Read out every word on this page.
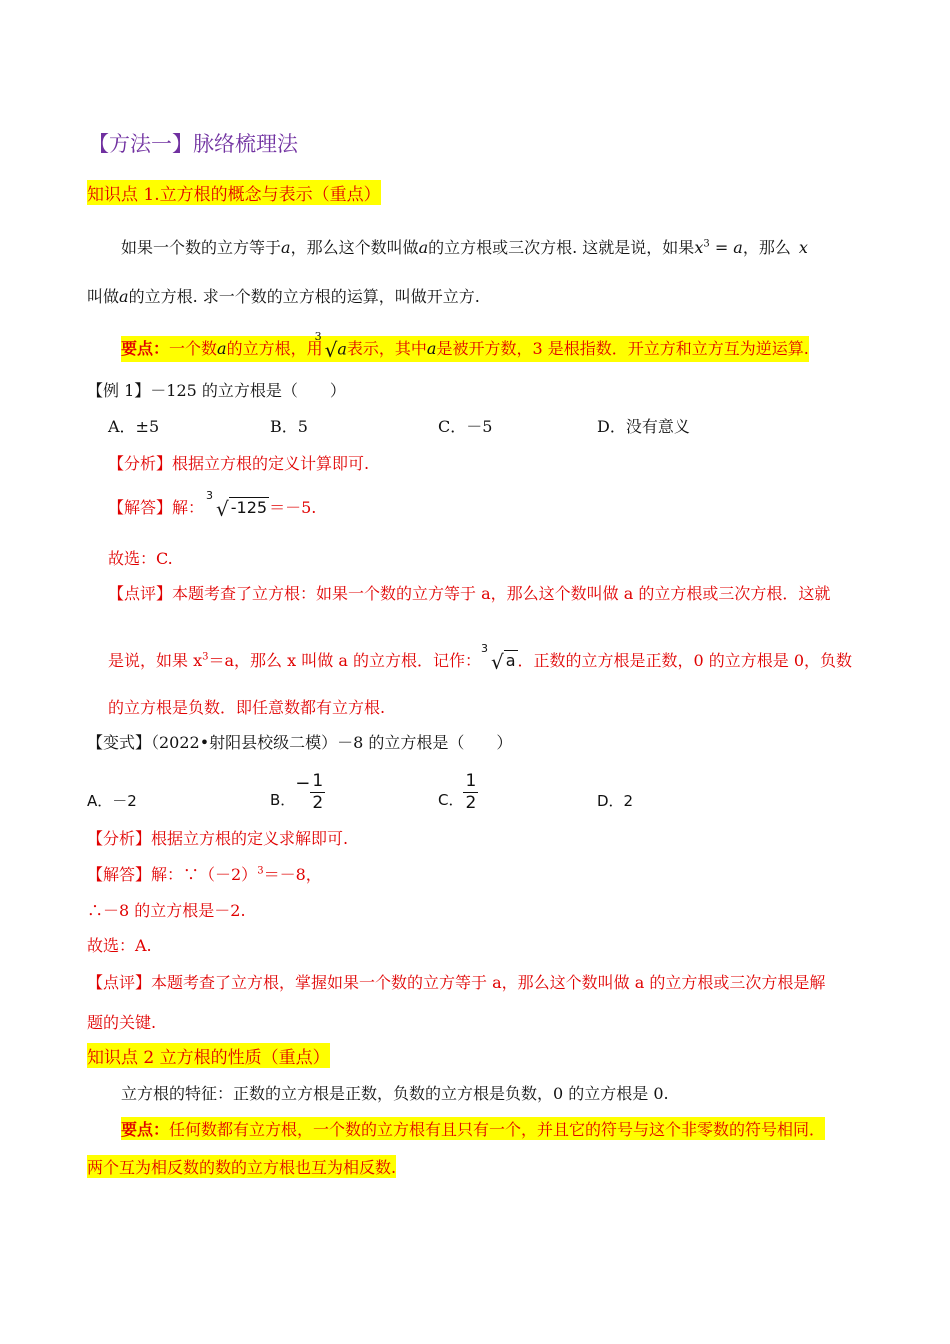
【方法一】脉络梳理法
知识点 1.立方根的概念与表示（重点）
如果一个数的立方等于a，那么这个数叫做a的立方根或三次方根. 这就是说，如果$x^3 = a$，那么 x
叫做a的立方根. 求一个数的立方根的运算，叫做开立方.
要点：一个数a的立方根，用
3
√a表示，其中a是被开方数，3 是根指数．开立方和立方互为逆运算.
【例 1】－125 的立方根是（　　）
A．±5	B．5	C．－5	D．没有意义
【分析】根据立方根的定义计算即可.
【解答】解：
3
√ -125 ＝－5.
故选：C.
【点评】本题考查了立方根：如果一个数的立方等于 a，那么这个数叫做 a 的立方根或三次方根．这就
是说，如果 $x^3=a$，那么 x 叫做 a 的立方根．记作：
3
√ a ．正数的立方根是正数，0 的立方根是 0，负数
的立方根是负数．即任意数都有立方根.
【变式】（2022•射阳县校级二模）－8 的立方根是（　　）
A．－2	B．− $\frac{1}{2}$	C． $\frac{1}{2}$	D．2
【分析】根据立方根的定义求解即可.
【解答】解：$\because(-2)^3=-8$，
∴－8 的立方根是－2.
故选：A.
【点评】本题考查了立方根，掌握如果一个数的立方等于 a，那么这个数叫做 a 的立方根或三次方根是解
题的关键.
知识点 2 立方根的性质（重点）
立方根的特征：正数的立方根是正数，负数的立方根是负数，0 的立方根是 0.
要点：任何数都有立方根，一个数的立方根有且只有一个，并且它的符号与这个非零数的符号相同．
两个互为相反数的数的立方根也互为相反数.
